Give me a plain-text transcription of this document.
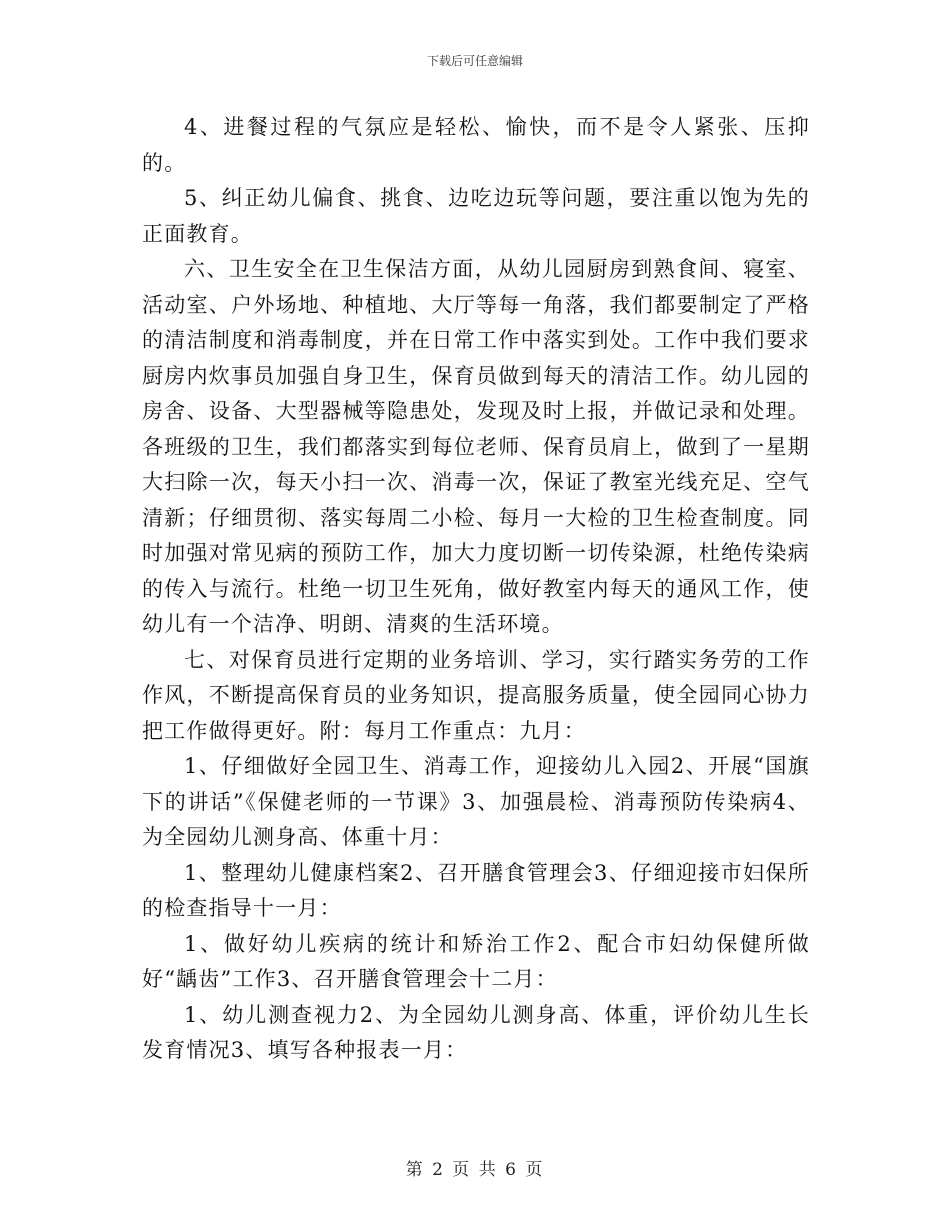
下载后可任意编辑

4、进餐过程的气氛应是轻松、愉快，而不是令人紧张、压抑的。

5、纠正幼儿偏食、挑食、边吃边玩等问题，要注重以饱为先的正面教育。

六、卫生安全在卫生保洁方面，从幼儿园厨房到熟食间、寝室、活动室、户外场地、种植地、大厅等每一角落，我们都要制定了严格的清洁制度和消毒制度，并在日常工作中落实到处。工作中我们要求厨房内炊事员加强自身卫生，保育员做到每天的清洁工作。幼儿园的房舍、设备、大型器械等隐患处，发现及时上报，并做记录和处理。各班级的卫生，我们都落实到每位老师、保育员肩上，做到了一星期大扫除一次，每天小扫一次、消毒一次，保证了教室光线充足、空气清新；仔细贯彻、落实每周二小检、每月一大检的卫生检查制度。同时加强对常见病的预防工作，加大力度切断一切传染源，杜绝传染病的传入与流行。杜绝一切卫生死角，做好教室内每天的通风工作，使幼儿有一个洁净、明朗、清爽的生活环境。

七、对保育员进行定期的业务培训、学习，实行踏实务劳的工作作风，不断提高保育员的业务知识，提高服务质量，使全园同心协力把工作做得更好。附：每月工作重点：九月：

1、仔细做好全园卫生、消毒工作，迎接幼儿入园2、开展“国旗下的讲话”《保健老师的一节课》3、加强晨检、消毒预防传染病4、为全园幼儿测身高、体重十月：

1、整理幼儿健康档案2、召开膳食管理会3、仔细迎接市妇保所的检查指导十一月：

1、做好幼儿疾病的统计和矫治工作2、配合市妇幼保健所做好“龋齿”工作3、召开膳食管理会十二月：

1、幼儿测查视力2、为全园幼儿测身高、体重，评价幼儿生长发育情况3、填写各种报表一月：

第 2 页 共 6 页
